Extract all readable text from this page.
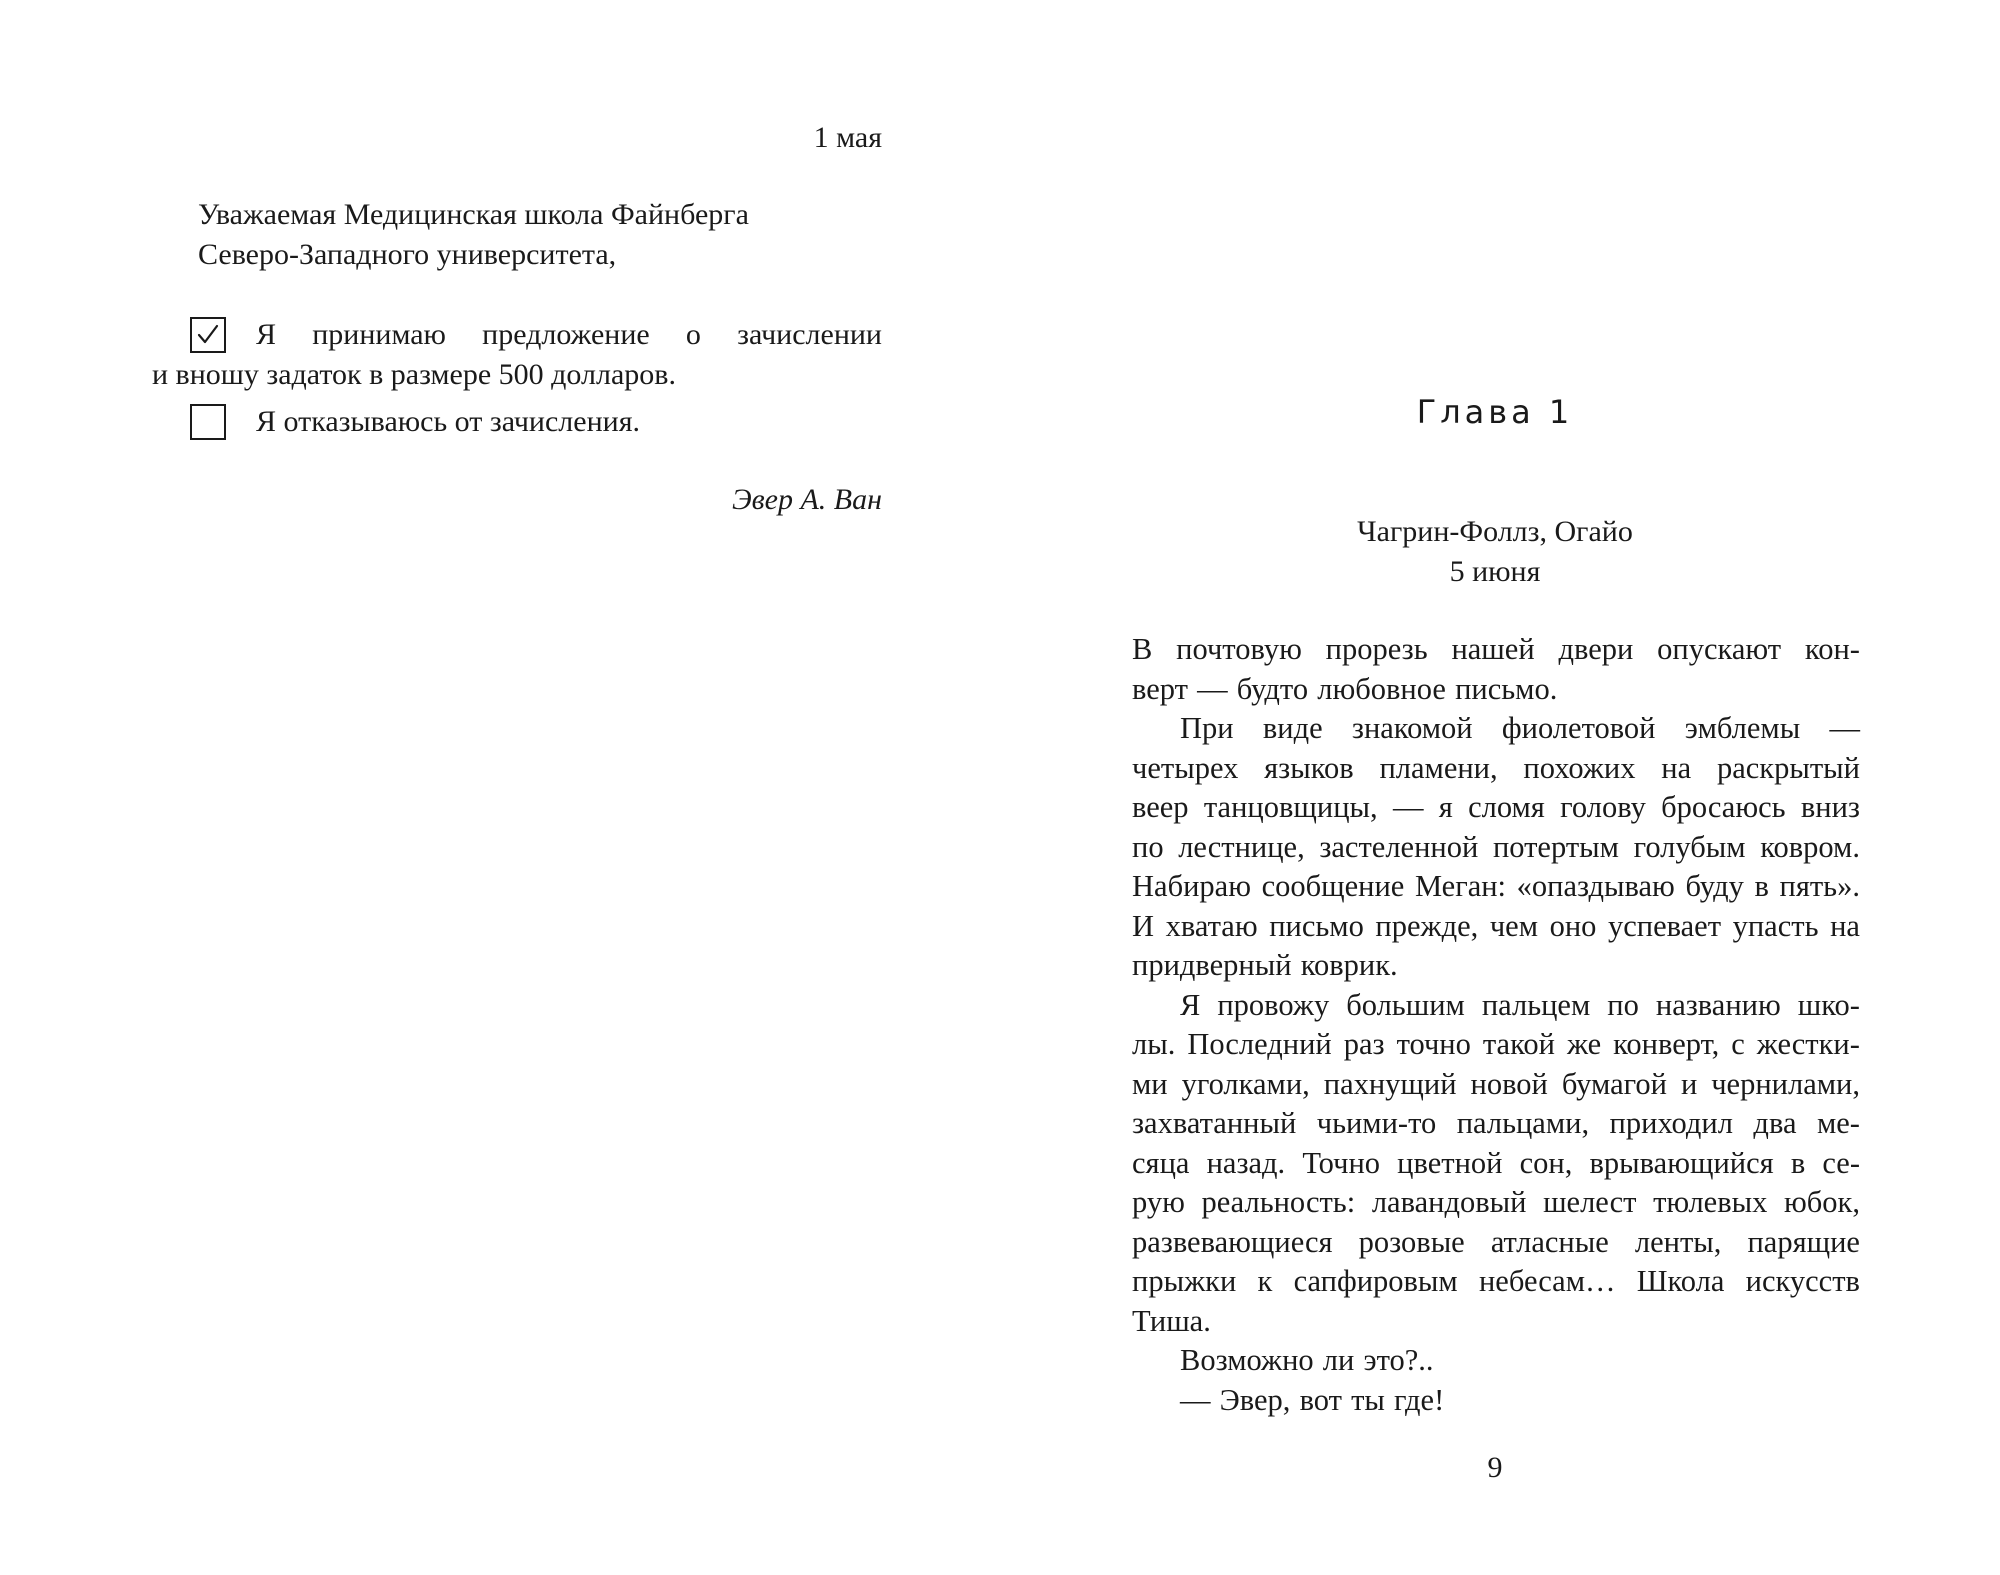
1 мая
Уважаемая Медицинская школа Файнберга
Северо-Западного университета,
Я принимаю предложение о зачислении
и вношу задаток в размере 500 долларов.
Я отказываюсь от зачисления.
Эвер А. Ван
Глава 1
Чагрин-Фоллз, Огайо
5 июня
В почтовую прорезь нашей двери опускают кон-
верт — будто любовное письмо.
При виде знакомой фиолетовой эмблемы —
четырех языков пламени, похожих на раскрытый
веер танцовщицы, — я сломя голову бросаюсь вниз
по лестнице, застеленной потертым голубым ковром.
Набираю сообщение Меган: «опаздываю буду в пять».
И хватаю письмо прежде, чем оно успевает упасть на
придверный коврик.
Я провожу большим пальцем по названию шко-
лы. Последний раз точно такой же конверт, с жестки-
ми уголками, пахнущий новой бумагой и чернилами,
захватанный чьими-то пальцами, приходил два ме-
сяца назад. Точно цветной сон, врывающийся в се-
рую реальность: лавандовый шелест тюлевых юбок,
развевающиеся розовые атласные ленты, парящие
прыжки к сапфировым небесам… Школа искусств
Тиша.
Возможно ли это?..
— Эвер, вот ты где!
9
